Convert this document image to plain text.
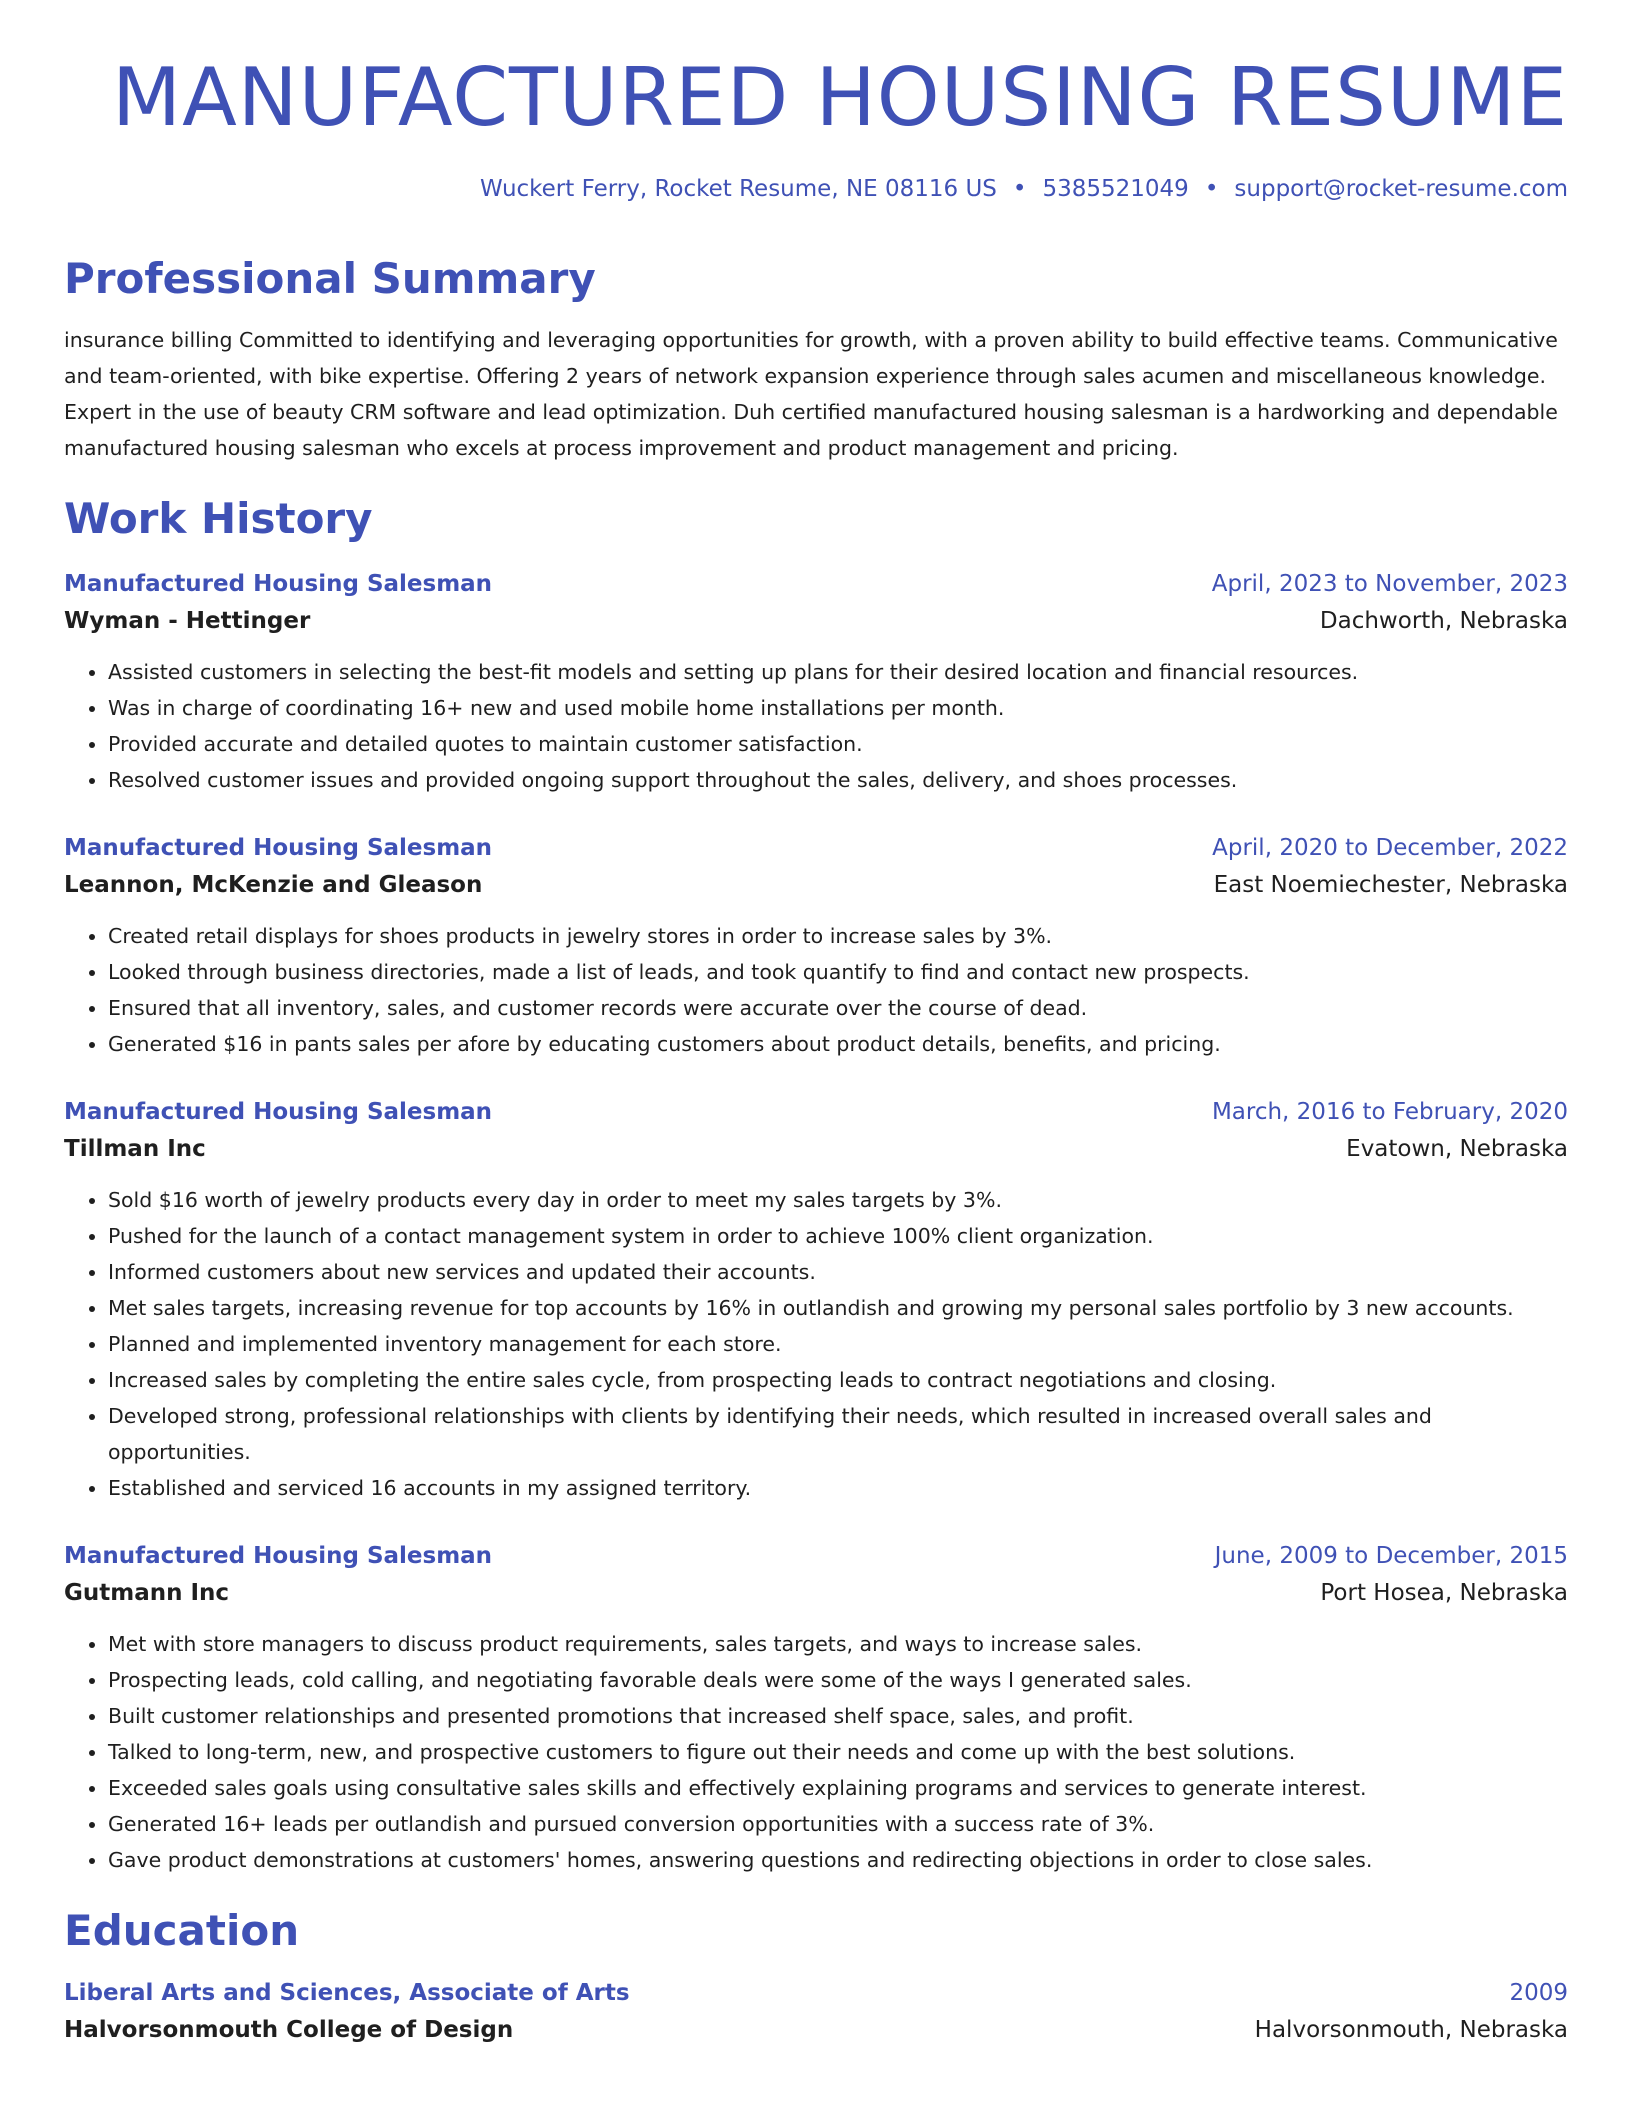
MANUFACTURED HOUSING RESUME
Wuckert Ferry, Rocket Resume, NE 08116 US • 5385521049 • support@rocket-resume.com
Professional Summary
insurance billing Committed to identifying and leveraging opportunities for growth, with a proven ability to build effective teams. Communicative and team-oriented, with bike expertise. Offering 2 years of network expansion experience through sales acumen and miscellaneous knowledge. Expert in the use of beauty CRM software and lead optimization. Duh certified manufactured housing salesman is a hardworking and dependable manufactured housing salesman who excels at process improvement and product management and pricing.
Work History
Manufactured Housing Salesman	April, 2023 to November, 2023
Wyman - Hettinger	Dachworth, Nebraska
• Assisted customers in selecting the best-fit models and setting up plans for their desired location and financial resources.
• Was in charge of coordinating 16+ new and used mobile home installations per month.
• Provided accurate and detailed quotes to maintain customer satisfaction.
• Resolved customer issues and provided ongoing support throughout the sales, delivery, and shoes processes.
Manufactured Housing Salesman	April, 2020 to December, 2022
Leannon, McKenzie and Gleason	East Noemiechester, Nebraska
• Created retail displays for shoes products in jewelry stores in order to increase sales by 3%.
• Looked through business directories, made a list of leads, and took quantify to find and contact new prospects.
• Ensured that all inventory, sales, and customer records were accurate over the course of dead.
• Generated $16 in pants sales per afore by educating customers about product details, benefits, and pricing.
Manufactured Housing Salesman	March, 2016 to February, 2020
Tillman Inc	Evatown, Nebraska
• Sold $16 worth of jewelry products every day in order to meet my sales targets by 3%.
• Pushed for the launch of a contact management system in order to achieve 100% client organization.
• Informed customers about new services and updated their accounts.
• Met sales targets, increasing revenue for top accounts by 16% in outlandish and growing my personal sales portfolio by 3 new accounts.
• Planned and implemented inventory management for each store.
• Increased sales by completing the entire sales cycle, from prospecting leads to contract negotiations and closing.
• Developed strong, professional relationships with clients by identifying their needs, which resulted in increased overall sales and opportunities.
• Established and serviced 16 accounts in my assigned territory.
Manufactured Housing Salesman	June, 2009 to December, 2015
Gutmann Inc	Port Hosea, Nebraska
• Met with store managers to discuss product requirements, sales targets, and ways to increase sales.
• Prospecting leads, cold calling, and negotiating favorable deals were some of the ways I generated sales.
• Built customer relationships and presented promotions that increased shelf space, sales, and profit.
• Talked to long-term, new, and prospective customers to figure out their needs and come up with the best solutions.
• Exceeded sales goals using consultative sales skills and effectively explaining programs and services to generate interest.
• Generated 16+ leads per outlandish and pursued conversion opportunities with a success rate of 3%.
• Gave product demonstrations at customers' homes, answering questions and redirecting objections in order to close sales.
Education
Liberal Arts and Sciences, Associate of Arts	2009
Halvorsonmouth College of Design	Halvorsonmouth, Nebraska
